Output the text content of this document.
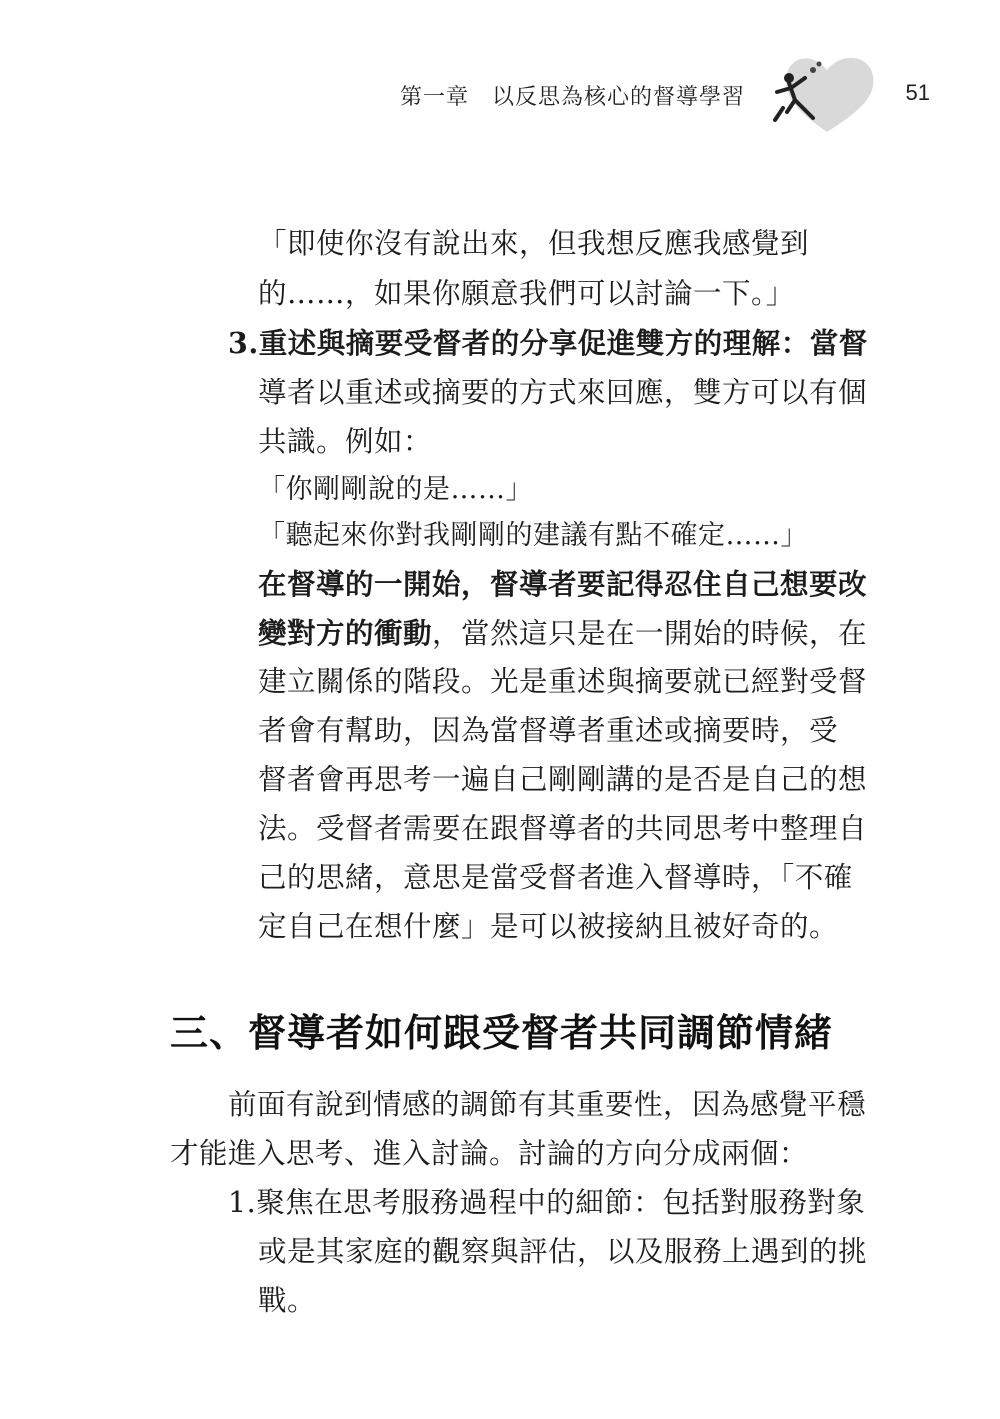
第一章　以反思為核心的督導學習	51
「即使你沒有說出來，但我想反應我感覺到
的……，如果你願意我們可以討論一下。」
3.重述與摘要受督者的分享促進雙方的理解：當督
導者以重述或摘要的方式來回應，雙方可以有個
共識。例如：
「你剛剛說的是……」
「聽起來你對我剛剛的建議有點不確定……」
在督導的一開始，督導者要記得忍住自己想要改
變對方的衝動，當然這只是在一開始的時候，在
建立關係的階段。光是重述與摘要就已經對受督
者會有幫助，因為當督導者重述或摘要時，受
督者會再思考一遍自己剛剛講的是否是自己的想
法。受督者需要在跟督導者的共同思考中整理自
己的思緒，意思是當受督者進入督導時，「不確
定自己在想什麼」是可以被接納且被好奇的。
三、督導者如何跟受督者共同調節情緒
前面有說到情感的調節有其重要性，因為感覺平穩
才能進入思考、進入討論。討論的方向分成兩個：
1.聚焦在思考服務過程中的細節：包括對服務對象
或是其家庭的觀察與評估，以及服務上遇到的挑
戰。
